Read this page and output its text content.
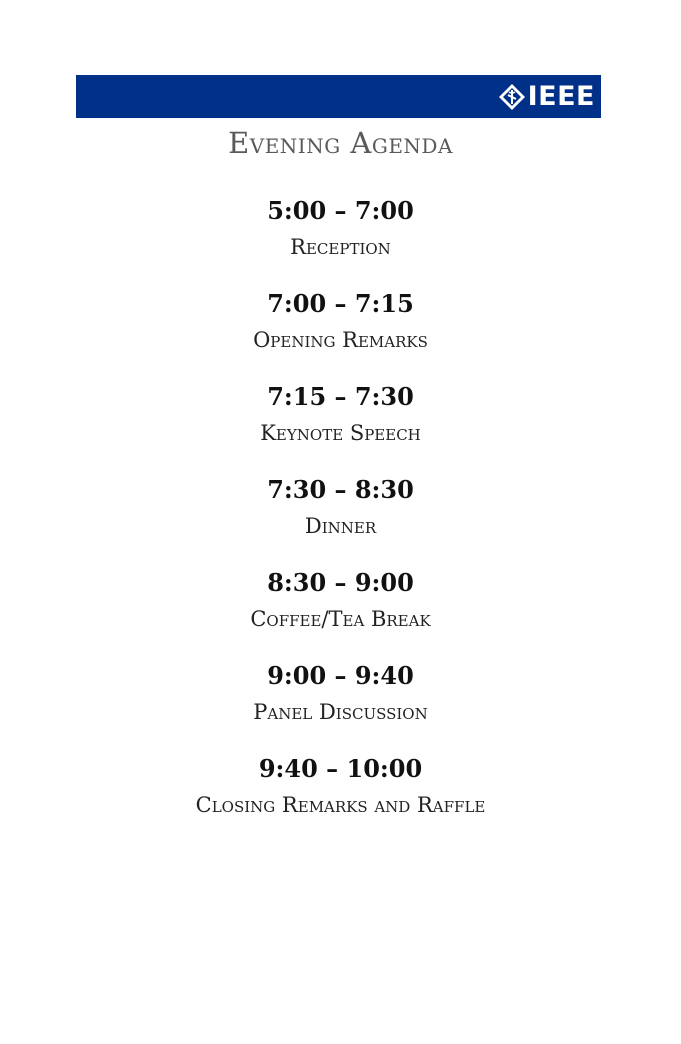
IEEE
Evening Agenda
5:00 – 7:00
Reception
7:00 – 7:15
Opening Remarks
7:15 – 7:30
Keynote Speech
7:30 – 8:30
Dinner
8:30 – 9:00
Coffee/Tea Break
9:00 – 9:40
Panel Discussion
9:40 – 10:00
Closing Remarks and Raffle
